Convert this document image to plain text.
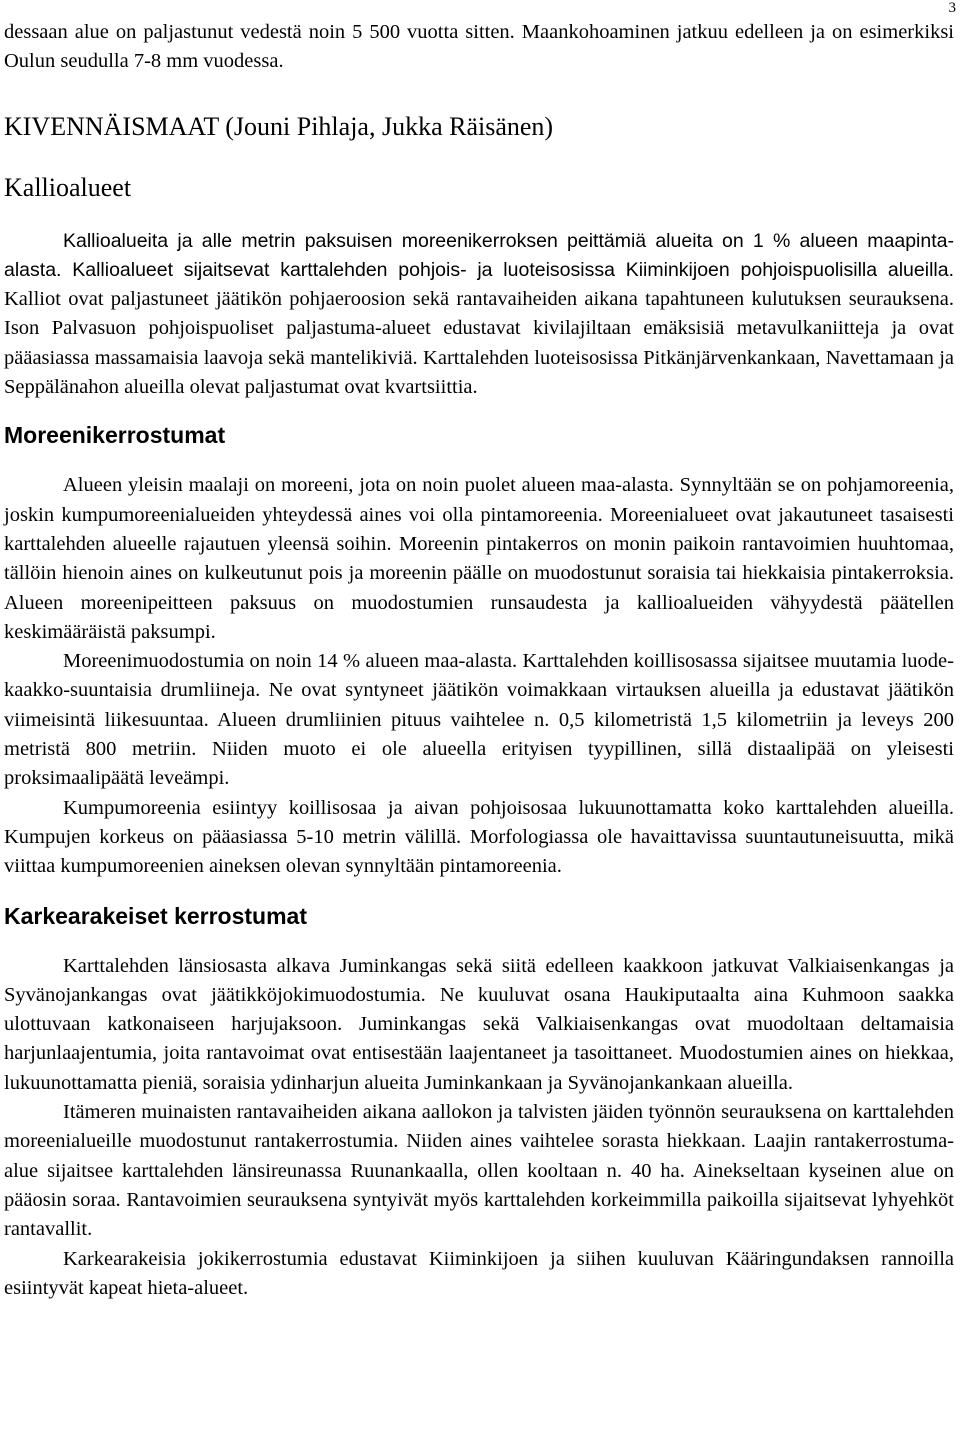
3

dessaan alue on paljastunut vedestä noin 5 500 vuotta sitten. Maankohoaminen jatkuu edelleen ja on esimerkiksi Oulun seudulla 7-8 mm vuodessa.

KIVENNÄISMAAT (Jouni Pihlaja, Jukka Räisänen)
Kallioalueet

Kallioalueita ja alle metrin paksuisen moreenikerroksen peittämiä alueita on 1 % alueen maapinta-alasta. Kallioalueet sijaitsevat karttalehden pohjois- ja luoteisosissa Kiiminkijoen pohjoispuolisilla alueilla. Kalliot ovat paljastuneet jäätikön pohjaeroosion sekä rantavaiheiden aikana tapahtuneen kulutuksen seurauksena. Ison Palvasuon pohjoispuoliset paljastuma-alueet edustavat kivilajiltaan emäksisiä metavulkaniitteja ja ovat pääasiassa massamaisia laavoja sekä mantelikiviä. Karttalehden luoteisosissa Pitkänjärvenkankaan, Navettamaan ja Seppälänahon alueilla olevat paljastumat ovat kvartsiittia.

Moreenikerrostumat

Alueen yleisin maalaji on moreeni, jota on noin puolet alueen maa-alasta. Synnyltään se on pohjamoreenia, joskin kumpumoreenialueiden yhteydessä aines voi olla pintamoreenia. Moreenialueet ovat jakautuneet tasaisesti karttalehden alueelle rajautuen yleensä soihin. Moreenin pintakerros on monin paikoin rantavoimien huuhtomaa, tällöin hienoin aines on kulkeutunut pois ja moreenin päälle on muodostunut soraisia tai hiekkaisia pintakerroksia. Alueen moreenipeitteen paksuus on muodostumien runsaudesta ja kallioalueiden vähyydestä päätellen keskimääräistä paksumpi.

Moreenimuodostumia on noin 14 % alueen maa-alasta. Karttalehden koillisosassa sijaitsee muutamia luode-kaakko-suuntaisia drumliineja. Ne ovat syntyneet jäätikön voimakkaan virtauksen alueilla ja edustavat jäätikön viimeisintä liikesuuntaa. Alueen drumliinien pituus vaihtelee n. 0,5 kilometristä 1,5 kilometriin ja leveys 200 metristä 800 metriin. Niiden muoto ei ole alueella erityisen tyypillinen, sillä distaalipää on yleisesti proksimaalipäätä leveämpi.

Kumpumoreenia esiintyy koillisosaa ja aivan pohjoisosaa lukuunottamatta koko karttalehden alueilla. Kumpujen korkeus on pääasiassa 5-10 metrin välillä. Morfologiassa ole havaittavissa suuntautuneisuutta, mikä viittaa kumpumoreenien aineksen olevan synnyltään pintamoreenia.

Karkearakeiset kerrostumat

Karttalehden länsiosasta alkava Juminkangas sekä siitä edelleen kaakkoon jatkuvat Valkiaisenkangas ja Syvänojankangas ovat jäätikköjokimuodostumia. Ne kuuluvat osana Haukiputaalta aina Kuhmoon saakka ulottuvaan katkonaiseen harjujaksoon. Juminkangas sekä Valkiaisenkangas ovat muodoltaan deltamaisia harjunlaajentumia, joita rantavoimat ovat entisestään laajentaneet ja tasoittaneet. Muodostumien aines on hiekkaa, lukuunottamatta pieniä, soraisia ydinharjun alueita Juminkankaan ja Syvänojankankaan alueilla.

Itämeren muinaisten rantavaiheiden aikana aallokon ja talvisten jäiden työnnön seurauksena on karttalehden moreenialueille muodostunut rantakerrostumia. Niiden aines vaihtelee sorasta hiekkaan. Laajin rantakerrostuma- alue sijaitsee karttalehden länsireunassa Ruunankaalla, ollen kooltaan n. 40 ha. Ainekseltaan kyseinen alue on pääosin soraa. Rantavoimien seurauksena syntyivät myös karttalehden korkeimmilla paikoilla sijaitsevat lyhyehköt rantavallit.

Karkearakeisia jokikerrostumia edustavat Kiiminkijoen ja siihen kuuluvan Kääringundaksen rannoilla esiintyvät kapeat hieta-alueet.
